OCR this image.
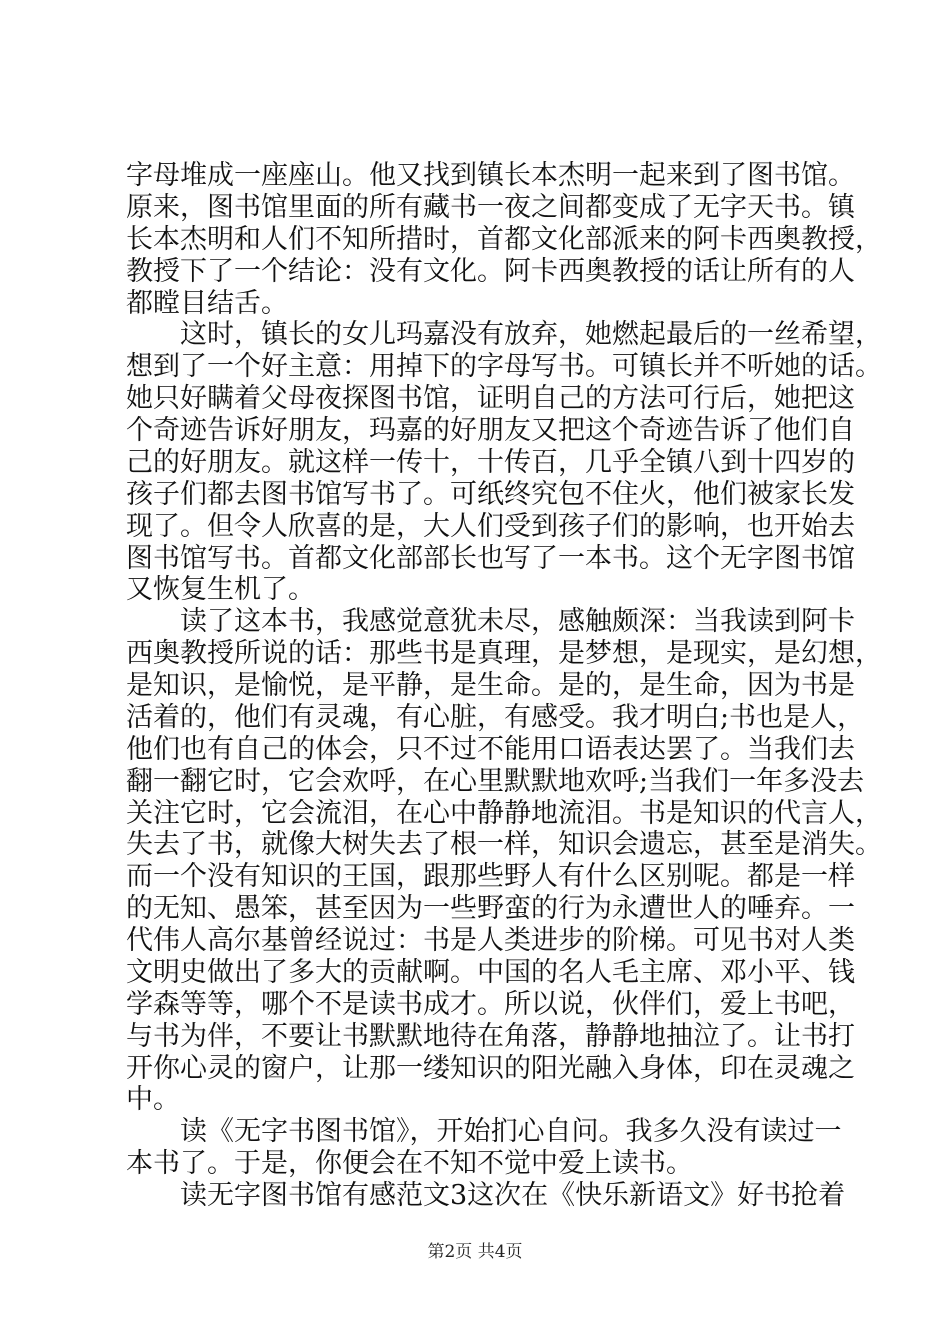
字母堆成一座座山。他又找到镇长本杰明一起来到了图书馆。
原来，图书馆里面的所有藏书一夜之间都变成了无字天书。镇
长本杰明和人们不知所措时，首都文化部派来的阿卡西奥教授，
教授下了一个结论：没有文化。阿卡西奥教授的话让所有的人
都瞠目结舌。
这时，镇长的女儿玛嘉没有放弃，她燃起最后的一丝希望，
想到了一个好主意：用掉下的字母写书。可镇长并不听她的话。
她只好瞒着父母夜探图书馆，证明自己的方法可行后，她把这
个奇迹告诉好朋友，玛嘉的好朋友又把这个奇迹告诉了他们自
己的好朋友。就这样一传十，十传百，几乎全镇八到十四岁的
孩子们都去图书馆写书了。可纸终究包不住火，他们被家长发
现了。但令人欣喜的是，大人们受到孩子们的影响，也开始去
图书馆写书。首都文化部部长也写了一本书。这个无字图书馆
又恢复生机了。
读了这本书，我感觉意犹未尽，感触颇深：当我读到阿卡
西奥教授所说的话：那些书是真理，是梦想，是现实，是幻想，
是知识，是愉悦，是平静，是生命。是的，是生命，因为书是
活着的，他们有灵魂，有心脏，有感受。我才明白;书也是人，
他们也有自己的体会，只不过不能用口语表达罢了。当我们去
翻一翻它时，它会欢呼，在心里默默地欢呼;当我们一年多没去
关注它时，它会流泪，在心中静静地流泪。书是知识的代言人，
失去了书，就像大树失去了根一样，知识会遗忘，甚至是消失。
而一个没有知识的王国，跟那些野人有什么区别呢。都是一样
的无知、愚笨，甚至因为一些野蛮的行为永遭世人的唾弃。一
代伟人高尔基曾经说过：书是人类进步的阶梯。可见书对人类
文明史做出了多大的贡献啊。中国的名人毛主席、邓小平、钱
学森等等，哪个不是读书成才。所以说，伙伴们，爱上书吧，
与书为伴，不要让书默默地待在角落，静静地抽泣了。让书打
开你心灵的窗户，让那一缕知识的阳光融入身体，印在灵魂之
中。
读《无字书图书馆》，开始扪心自问。我多久没有读过一
本书了。于是，你便会在不知不觉中爱上读书。
读无字图书馆有感范文3这次在《快乐新语文》好书抢着
第2页 共4页
